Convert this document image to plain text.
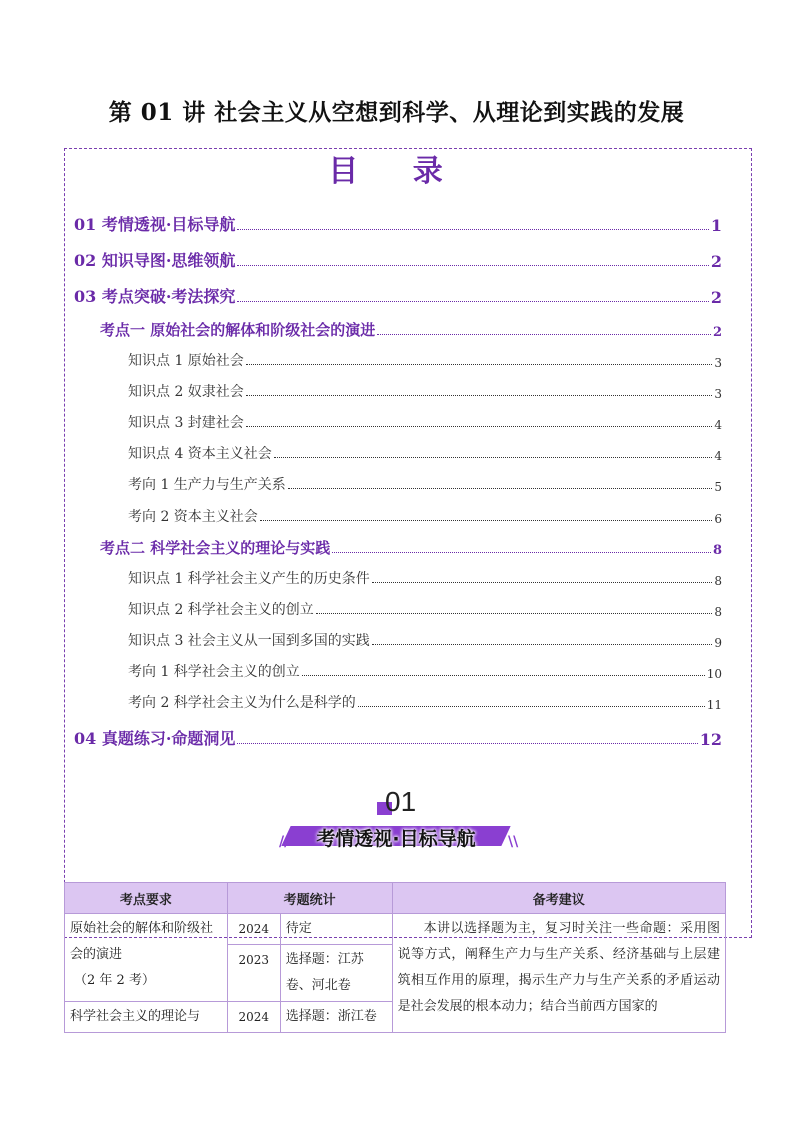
第 01 讲 社会主义从空想到科学、从理论到实践的发展
目 录
01 考情透视·目标导航	1
02 知识导图·思维领航	2
03 考点突破·考法探究	2
考点一 原始社会的解体和阶级社会的演进	2
知识点 1 原始社会	3
知识点 2 奴隶社会	3
知识点 3 封建社会	4
知识点 4 资本主义社会	4
考向 1 生产力与生产关系	5
考向 2 资本主义社会	6
考点二 科学社会主义的理论与实践	8
知识点 1 科学社会主义产生的历史条件	8
知识点 2 科学社会主义的创立	8
知识点 3 社会主义从一国到多国的实践	9
考向 1 科学社会主义的创立	10
考向 2 科学社会主义为什么是科学的	11
04 真题练习·命题洞见	12
01
//	考情透视·目标导航	\\
考点要求	考题统计		备考建议

原始社会的解体和阶级社会的演进
（2 年 2 考）	2024	待定	本讲以选择题为主，复习时关注一些命题：采用图说等方式，阐释生产力与生产关系、经济基础与上层建筑相互作用的原理，揭示生产力与生产关系的矛盾运动是社会发展的根本动力；结合当前西方国家的
	2023	选择题：江苏卷、河北卷	
科学社会主义的理论与	2024	选择题：浙江卷	
